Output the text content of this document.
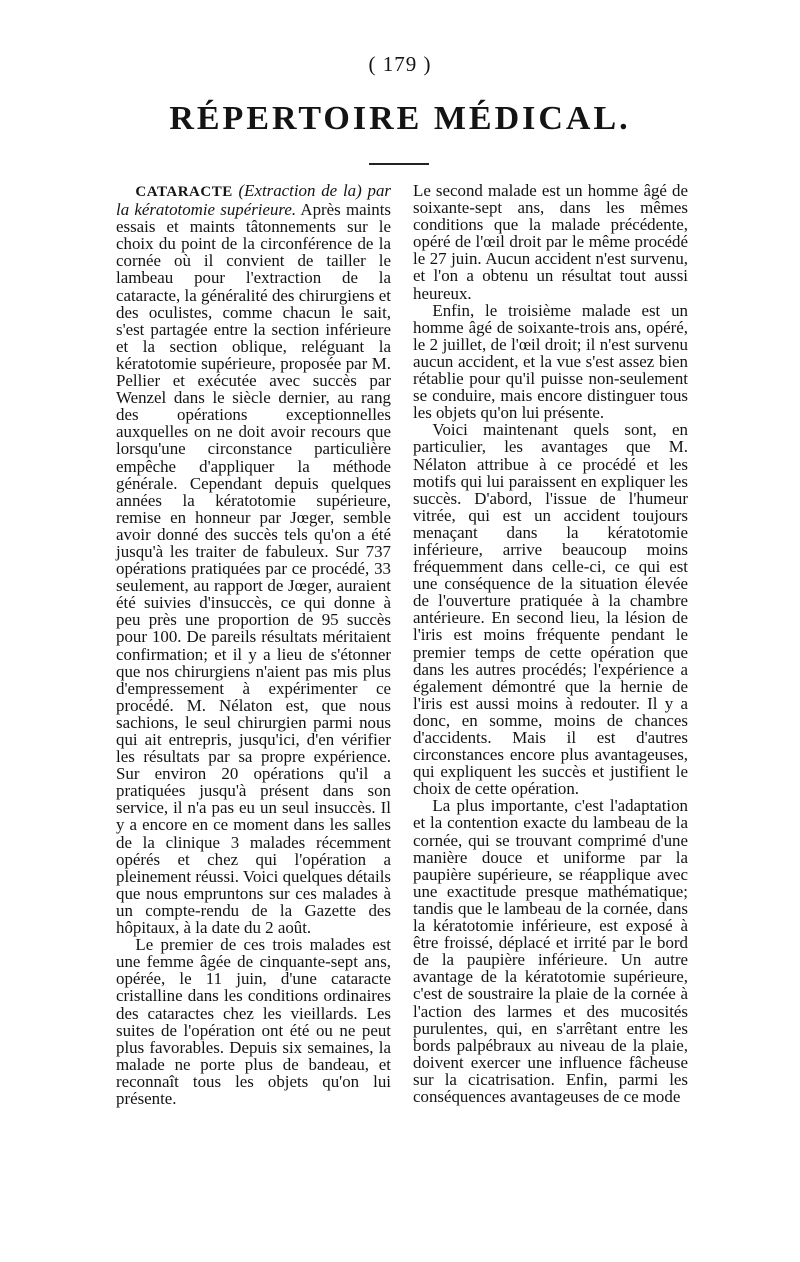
( 179 )
RÉPERTOIRE MÉDICAL.

CATARACTE (Extraction de la) par la kératotomie supérieure. Après maints essais et maints tâtonnements sur le choix du point de la circonférence de la cornée où il convient de tailler le lambeau pour l'extraction de la cataracte, la généralité des chirurgiens et des oculistes, comme chacun le sait, s'est partagée entre la section inférieure et la section oblique, reléguant la kératotomie supérieure, proposée par M. Pellier et exécutée avec succès par Wenzel dans le siècle dernier, au rang des opérations exceptionnelles auxquelles on ne doit avoir recours que lorsqu'une circonstance particulière empêche d'appliquer la méthode générale. Cependant depuis quelques années la kératotomie supérieure, remise en honneur par Jœger, semble avoir donné des succès tels qu'on a été jusqu'à les traiter de fabuleux. Sur 737 opérations pratiquées par ce procédé, 33 seulement, au rapport de Jœger, auraient été suivies d'insuccès, ce qui donne à peu près une proportion de 95 succès pour 100. De pareils résultats méritaient confirmation; et il y a lieu de s'étonner que nos chirurgiens n'aient pas mis plus d'empressement à expérimenter ce procédé. M. Nélaton est, que nous sachions, le seul chirurgien parmi nous qui ait entrepris, jusqu'ici, d'en vérifier les résultats par sa propre expérience. Sur environ 20 opérations qu'il a pratiquées jusqu'à présent dans son service, il n'a pas eu un seul insuccès. Il y a encore en ce moment dans les salles de la clinique 3 malades récemment opérés et chez qui l'opération a pleinement réussi. Voici quelques détails que nous empruntons sur ces malades à un compte-rendu de la Gazette des hôpitaux, à la date du 2 août.

Le premier de ces trois malades est une femme âgée de cinquante-sept ans, opérée, le 11 juin, d'une cataracte cristalline dans les conditions ordinaires des cataractes chez les vieillards. Les suites de l'opération ont été ou ne peut plus favorables. Depuis six semaines, la malade ne porte plus de bandeau, et reconnaît tous les objets qu'on lui présente.

Le second malade est un homme âgé de soixante-sept ans, dans les mêmes conditions que la malade précédente, opéré de l'œil droit par le même procédé le 27 juin. Aucun accident n'est survenu, et l'on a obtenu un résultat tout aussi heureux.

Enfin, le troisième malade est un homme âgé de soixante-trois ans, opéré, le 2 juillet, de l'œil droit; il n'est survenu aucun accident, et la vue s'est assez bien rétablie pour qu'il puisse non-seulement se conduire, mais encore distinguer tous les objets qu'on lui présente.

Voici maintenant quels sont, en particulier, les avantages que M. Nélaton attribue à ce procédé et les motifs qui lui paraissent en expliquer les succès. D'abord, l'issue de l'humeur vitrée, qui est un accident toujours menaçant dans la kératotomie inférieure, arrive beaucoup moins fréquemment dans celle-ci, ce qui est une conséquence de la situation élevée de l'ouverture pratiquée à la chambre antérieure. En second lieu, la lésion de l'iris est moins fréquente pendant le premier temps de cette opération que dans les autres procédés; l'expérience a également démontré que la hernie de l'iris est aussi moins à redouter. Il y a donc, en somme, moins de chances d'accidents. Mais il est d'autres circonstances encore plus avantageuses, qui expliquent les succès et justifient le choix de cette opération.

La plus importante, c'est l'adaptation et la contention exacte du lambeau de la cornée, qui se trouvant comprimé d'une manière douce et uniforme par la paupière supérieure, se réapplique avec une exactitude presque mathématique; tandis que le lambeau de la cornée, dans la kératotomie inférieure, est exposé à être froissé, déplacé et irrité par le bord de la paupière inférieure. Un autre avantage de la kératotomie supérieure, c'est de soustraire la plaie de la cornée à l'action des larmes et des mucosités purulentes, qui, en s'arrêtant entre les bords palpébraux au niveau de la plaie, doivent exercer une influence fâcheuse sur la cicatrisation. Enfin, parmi les conséquences avantageuses de ce mode
